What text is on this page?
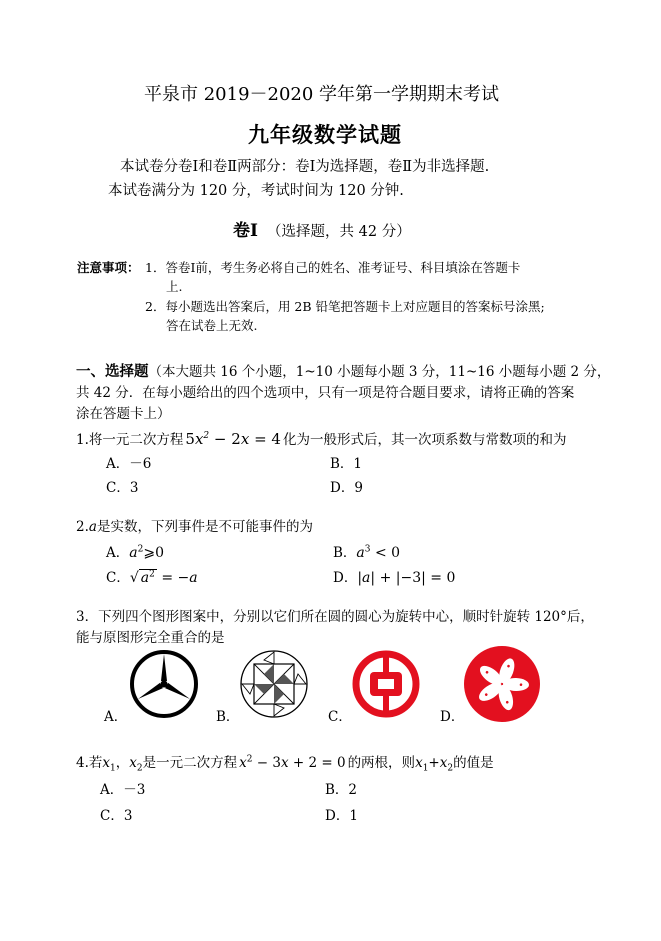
平泉市 2019－2020 学年第一学期期末考试
九年级数学试题
本试卷分卷Ⅰ和卷Ⅱ两部分：卷Ⅰ为选择题，卷Ⅱ为非选择题.
本试卷满分为 120 分，考试时间为 120 分钟.
卷Ⅰ （选择题，共 42 分）
注意事项： 1．答卷Ⅰ前，考生务必将自己的姓名、准考证号、科目填涂在答题卡
上.
2．每小题选出答案后，用 2B 铅笔把答题卡上对应题目的答案标号涂黑;
答在试卷上无效.
一、选择题（本大题共 16 个小题，1~10 小题每小题 3 分，11~16 小题每小题 2 分，
共 42 分．在每小题给出的四个选项中，只有一项是符合题目要求，请将正确的答案
涂在答题卡上）
1.将一元二次方程 $5x^2 - 2x = 4$ 化为一般形式后，其一次项系数与常数项的和为
A．－6	B．1
C．3	D．9
2.a是实数，下列事件是不可能事件的为
A．$a^2⩾0$	B．$a^3 < 0$
C．√ $a^2 = -a$	D．|a| + |−3| = 0
3．下列四个图形图案中，分别以它们所在圆的圆心为旋转中心，顺时针旋转 120°后，
能与原图形完全重合的是
A．	B．	C．	D．
4.若$x_1$，$x_2$是一元二次方程 $x^2 - 3x + 2 = 0$ 的两根，则$x_1+x_2$的值是
A．－3	B．2
C．3	D．1
